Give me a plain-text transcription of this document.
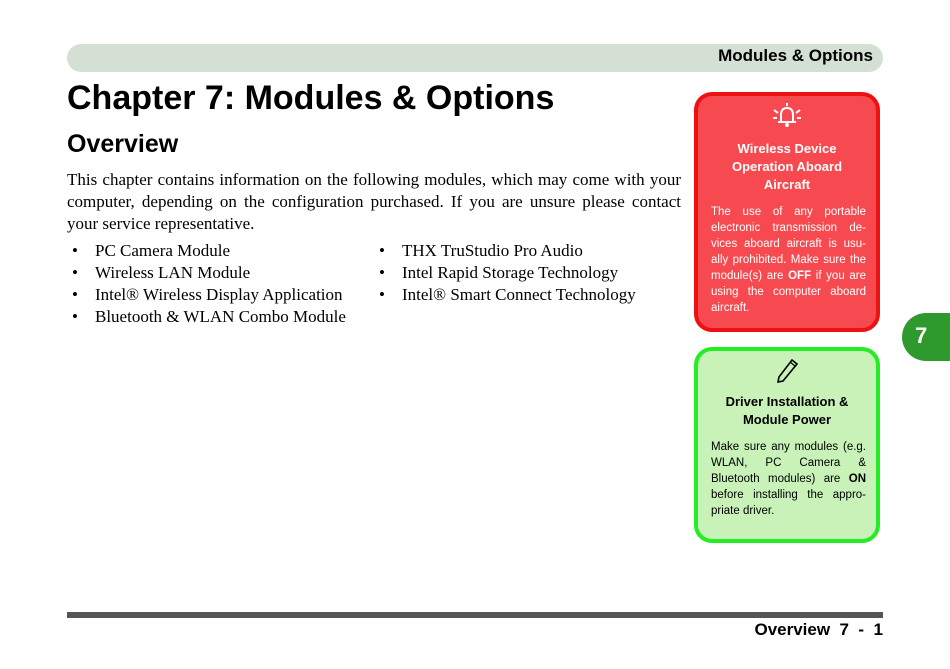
Modules & Options
Chapter 7: Modules & Options
Overview

This chapter contains information on the following modules, which may come with your computer, depending on the configuration purchased. If you are unsure please contact your service representative.

• PC Camera Module
• Wireless LAN Module
• Intel® Wireless Display Application
• Bluetooth & WLAN Combo Module
• THX TruStudio Pro Audio
• Intel Rapid Storage Technology
• Intel® Smart Connect Technology
Wireless Device Operation Aboard Aircraft
The use of any portable electronic transmission de-vices aboard aircraft is usu-ally prohibited. Make sure the module(s) are OFF if you are using the computer aboard aircraft.
Driver Installation & Module Power
Make sure any modules (e.g. WLAN, PC Camera & Bluetooth modules) are ON before installing the appro-priate driver.
7
Overview 7  -  1
